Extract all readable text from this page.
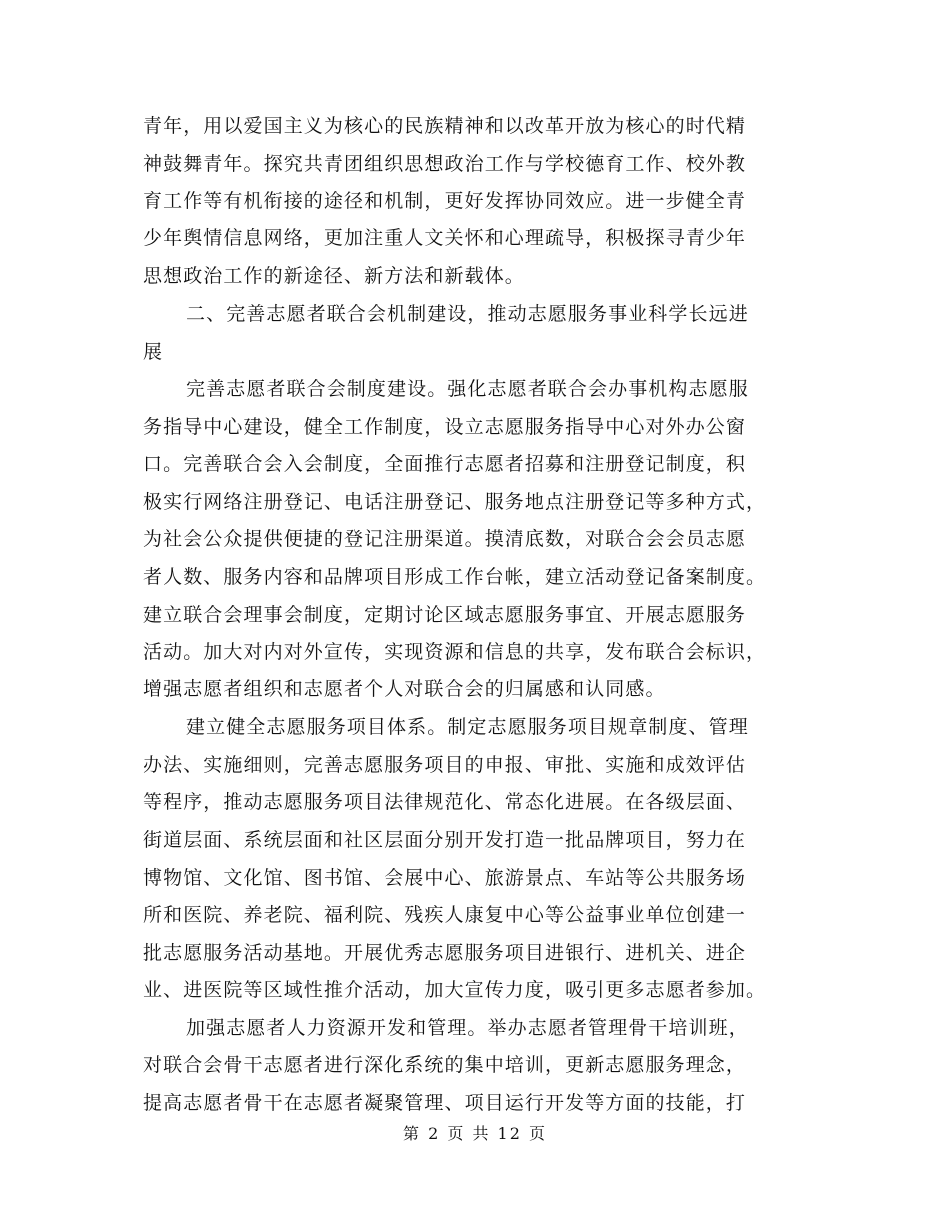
青年，用以爱国主义为核心的民族精神和以改革开放为核心的时代精
神鼓舞青年。探究共青团组织思想政治工作与学校德育工作、校外教
育工作等有机衔接的途径和机制，更好发挥协同效应。进一步健全青
少年舆情信息网络，更加注重人文关怀和心理疏导，积极探寻青少年
思想政治工作的新途径、新方法和新载体。
二、完善志愿者联合会机制建设，推动志愿服务事业科学长远进
展
完善志愿者联合会制度建设。强化志愿者联合会办事机构志愿服
务指导中心建设，健全工作制度，设立志愿服务指导中心对外办公窗
口。完善联合会入会制度，全面推行志愿者招募和注册登记制度，积
极实行网络注册登记、电话注册登记、服务地点注册登记等多种方式，
为社会公众提供便捷的登记注册渠道。摸清底数，对联合会会员志愿
者人数、服务内容和品牌项目形成工作台帐，建立活动登记备案制度。
建立联合会理事会制度，定期讨论区域志愿服务事宜、开展志愿服务
活动。加大对内对外宣传，实现资源和信息的共享，发布联合会标识，
增强志愿者组织和志愿者个人对联合会的归属感和认同感。
建立健全志愿服务项目体系。制定志愿服务项目规章制度、管理
办法、实施细则，完善志愿服务项目的申报、审批、实施和成效评估
等程序，推动志愿服务项目法律规范化、常态化进展。在各级层面、
街道层面、系统层面和社区层面分别开发打造一批品牌项目，努力在
博物馆、文化馆、图书馆、会展中心、旅游景点、车站等公共服务场
所和医院、养老院、福利院、残疾人康复中心等公益事业单位创建一
批志愿服务活动基地。开展优秀志愿服务项目进银行、进机关、进企
业、进医院等区域性推介活动，加大宣传力度，吸引更多志愿者参加。
加强志愿者人力资源开发和管理。举办志愿者管理骨干培训班，
对联合会骨干志愿者进行深化系统的集中培训，更新志愿服务理念，
提高志愿者骨干在志愿者凝聚管理、项目运行开发等方面的技能，打
第 2 页 共 12 页
